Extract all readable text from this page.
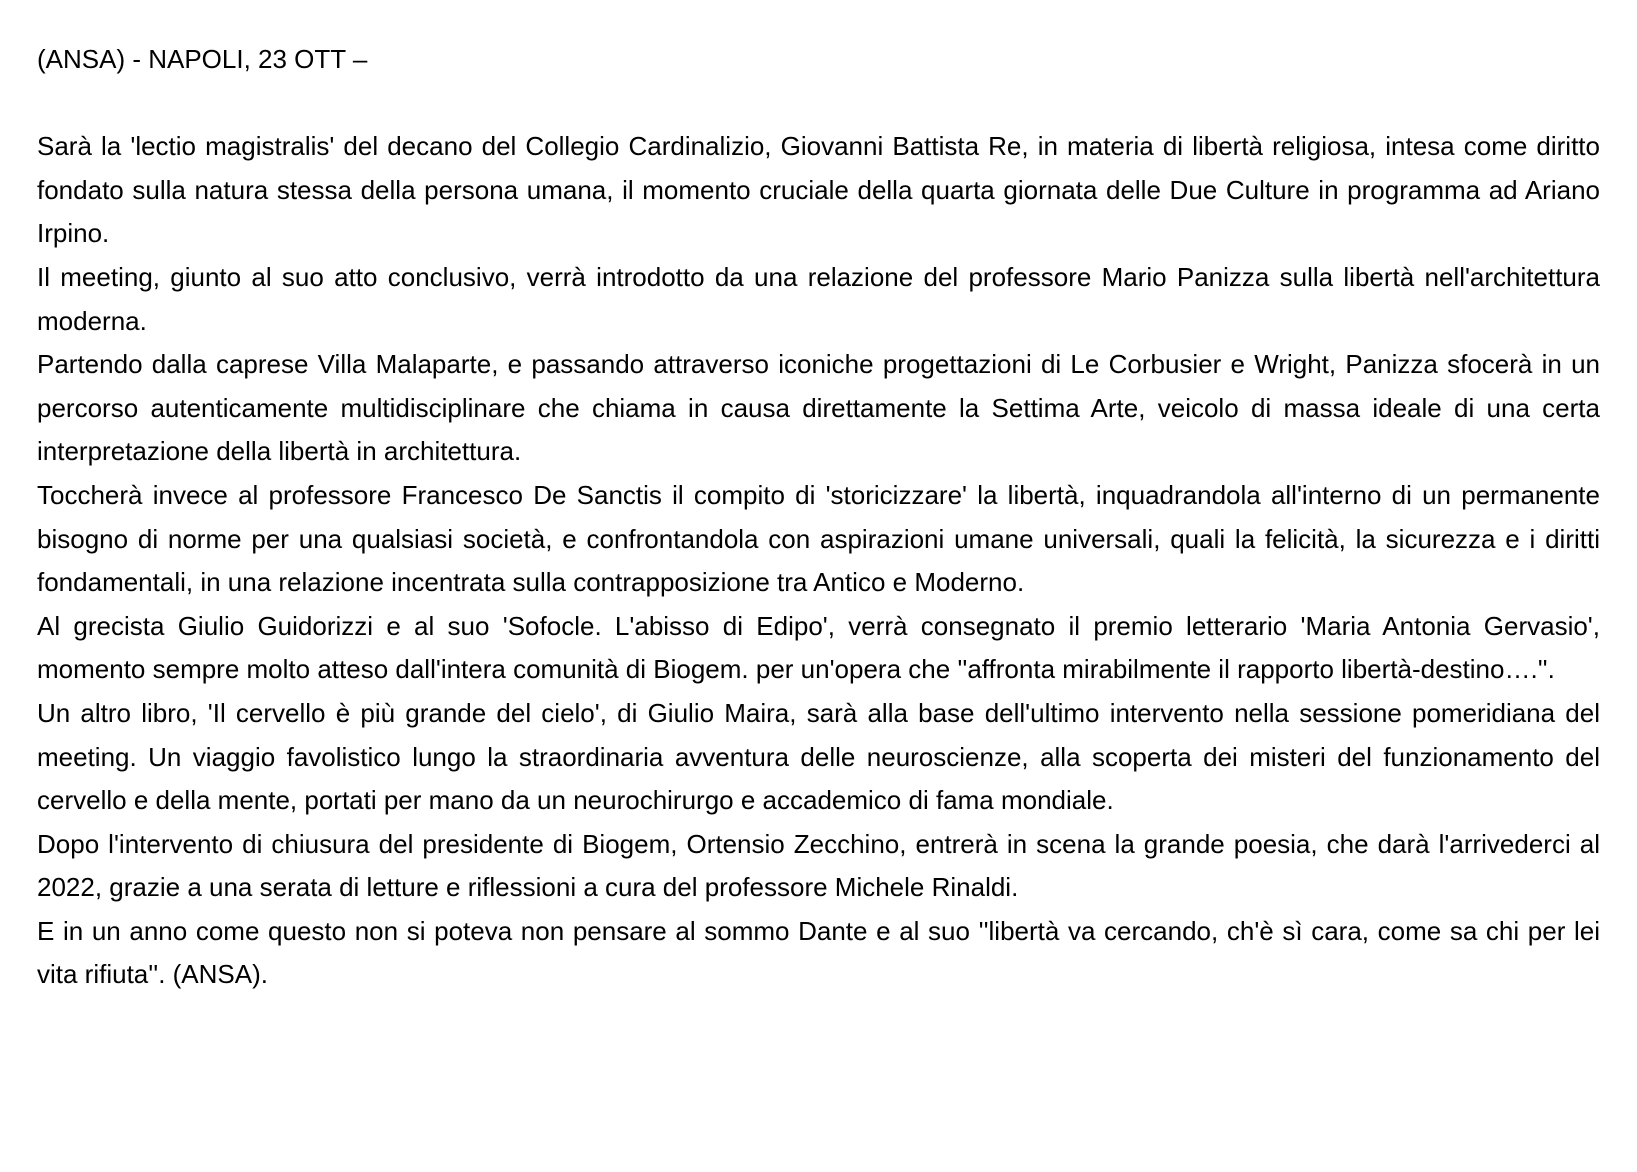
(ANSA) - NAPOLI, 23 OTT –

Sarà la 'lectio magistralis' del decano del Collegio Cardinalizio, Giovanni Battista Re, in materia di libertà religiosa, intesa come diritto fondato sulla natura stessa della persona umana, il momento cruciale della quarta giornata delle Due Culture in programma ad Ariano Irpino.

Il meeting, giunto al suo atto conclusivo, verrà introdotto da una relazione del professore Mario Panizza sulla libertà nell'architettura moderna.

Partendo dalla caprese Villa Malaparte, e passando attraverso iconiche progettazioni di Le Corbusier e Wright, Panizza sfocerà in un percorso autenticamente multidisciplinare che chiama in causa direttamente la Settima Arte, veicolo di massa ideale di una certa interpretazione della libertà in architettura.

Toccherà invece al professore Francesco De Sanctis il compito di 'storicizzare' la libertà, inquadrandola all'interno di un permanente bisogno di norme per una qualsiasi società, e confrontandola con aspirazioni umane universali, quali la felicità, la sicurezza e i diritti fondamentali, in una relazione incentrata sulla contrapposizione tra Antico e Moderno.

Al grecista Giulio Guidorizzi e al suo 'Sofocle. L'abisso di Edipo', verrà consegnato il premio letterario 'Maria Antonia Gervasio', momento sempre molto atteso dall'intera comunità di Biogem. per un'opera che ''affronta mirabilmente il rapporto libertà-destino….''.

Un altro libro, 'Il cervello è più grande del cielo', di Giulio Maira, sarà alla base dell'ultimo intervento nella sessione pomeridiana del meeting. Un viaggio favolistico lungo la straordinaria avventura delle neuroscienze, alla scoperta dei misteri del funzionamento del cervello e della mente, portati per mano da un neurochirurgo e accademico di fama mondiale.

Dopo l'intervento di chiusura del presidente di Biogem, Ortensio Zecchino, entrerà in scena la grande poesia, che darà l'arrivederci al 2022, grazie a una serata di letture e riflessioni a cura del professore Michele Rinaldi.

E in un anno come questo non si poteva non pensare al sommo Dante e al suo ''libertà va cercando, ch'è sì cara, come sa chi per lei vita rifiuta''. (ANSA).
